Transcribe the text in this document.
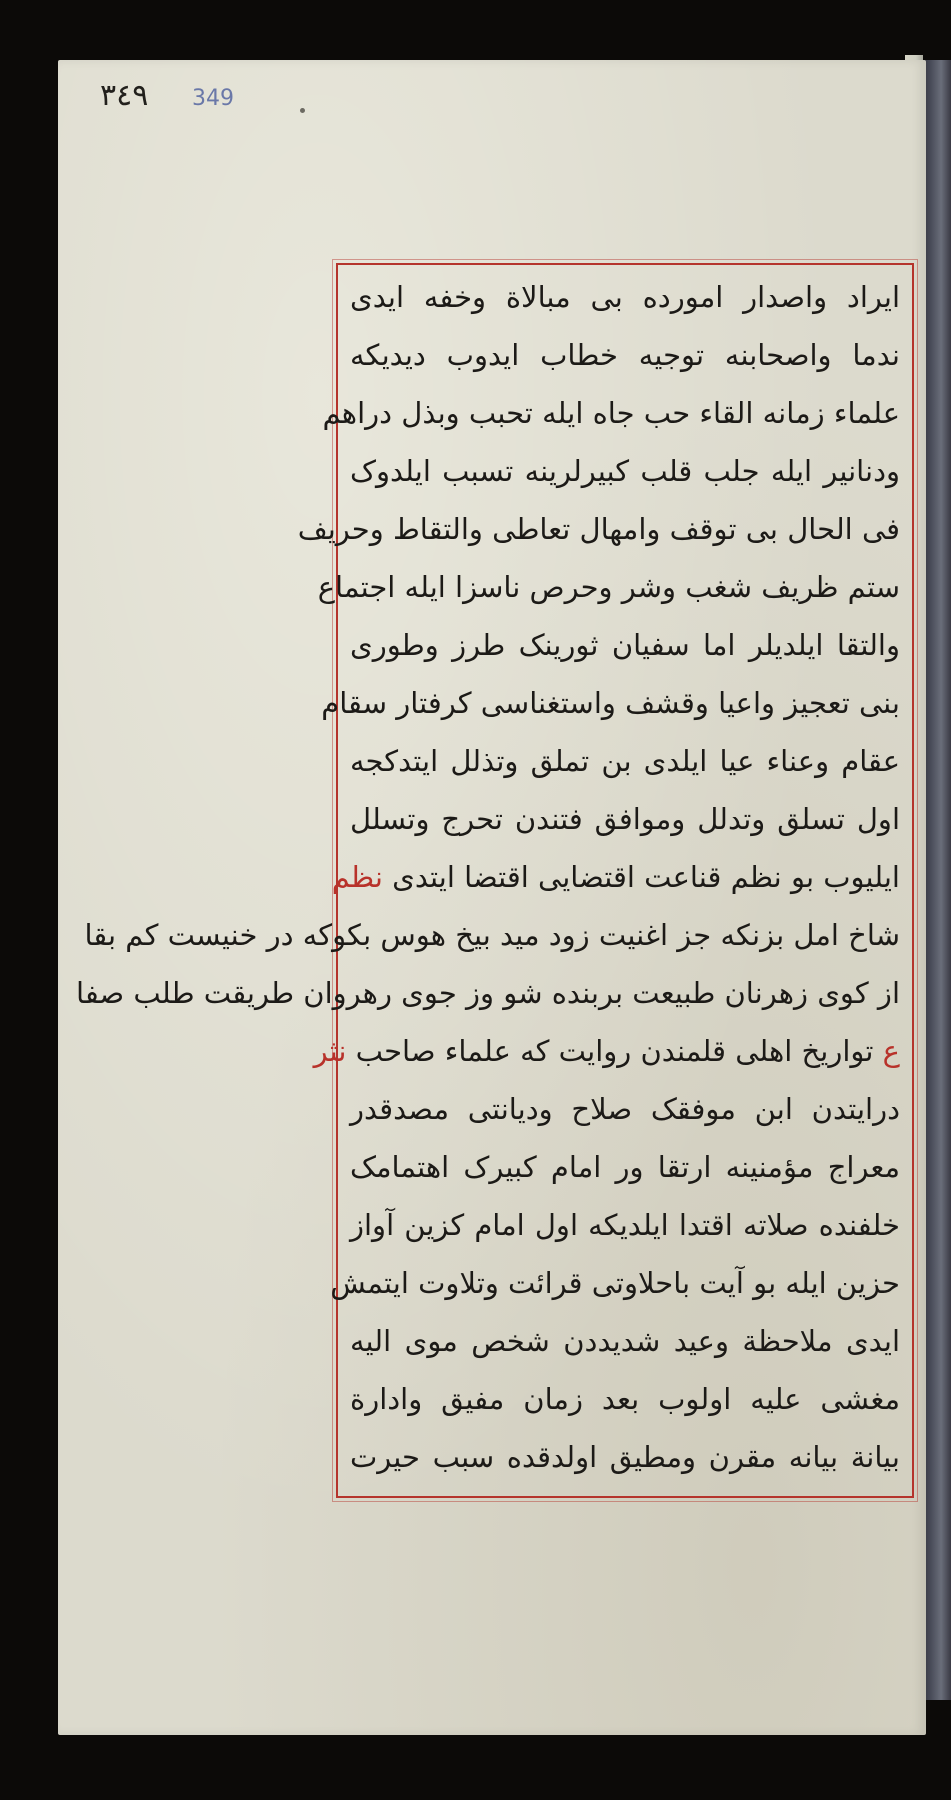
٣٤٩ 349
ایراد واصدار اموردە بی مبالاة وخفه ایدی
ندما واصحابنە توجیە خطاب ایدوب دیدیکە
علماء زمانە القاء حب جاە ایلە تحبب وبذل دراهم
ودنانیر ایلە جلب قلب کبیرلرینە تسبب ایلدوک
فی الحال بی توقف وامهال تعاطی والتقاط وحریف
ستم ظریف شغب وشر وحرص ناسزا ایلە اجتماع
والتقا ایلدیلر اما سفیان ثورینک طرز وطوری
بنی تعجیز واعیا وقشف واستغناسی کرفتار سقام
عقام وعناء عیا ایلدی بن تملق وتذلل ایتدکجە
اول تسلق وتدلل وموافق فتندن تحرج وتسلل
ایلیوب بو نظم قناعت اقتضایی اقتضا ایتدی نظم
شاخ امل بزنکە جز اغنیت زود مید بیخ هوس بکوکە در خنیست کم بقا
از کوی زهرنان طبیعت بربندە شو وز جوی رهروان طریقت طلب صفا
ع تواریخ اهلی قلمندن روایت که علماء صاحب نثر
درایتدن ابن موفقک صلاح ودیانتی مصدقدر
معراج مؤمنینە ارتقا ور امام کبیرک اهتمامک
خلفندە صلاتە اقتدا ایلدیکە اول امام کزین آواز
حزین ایلە بو آیت باحلاوتی قرائت وتلاوت ایتمش
ایدی ملاحظة وعید شدیددن شخص موی الیە
مغشی علیە اولوب بعد زمان مفیق وادارة
بیانة بیانە مقرن ومطیق اولدقدە سبب حیرت
